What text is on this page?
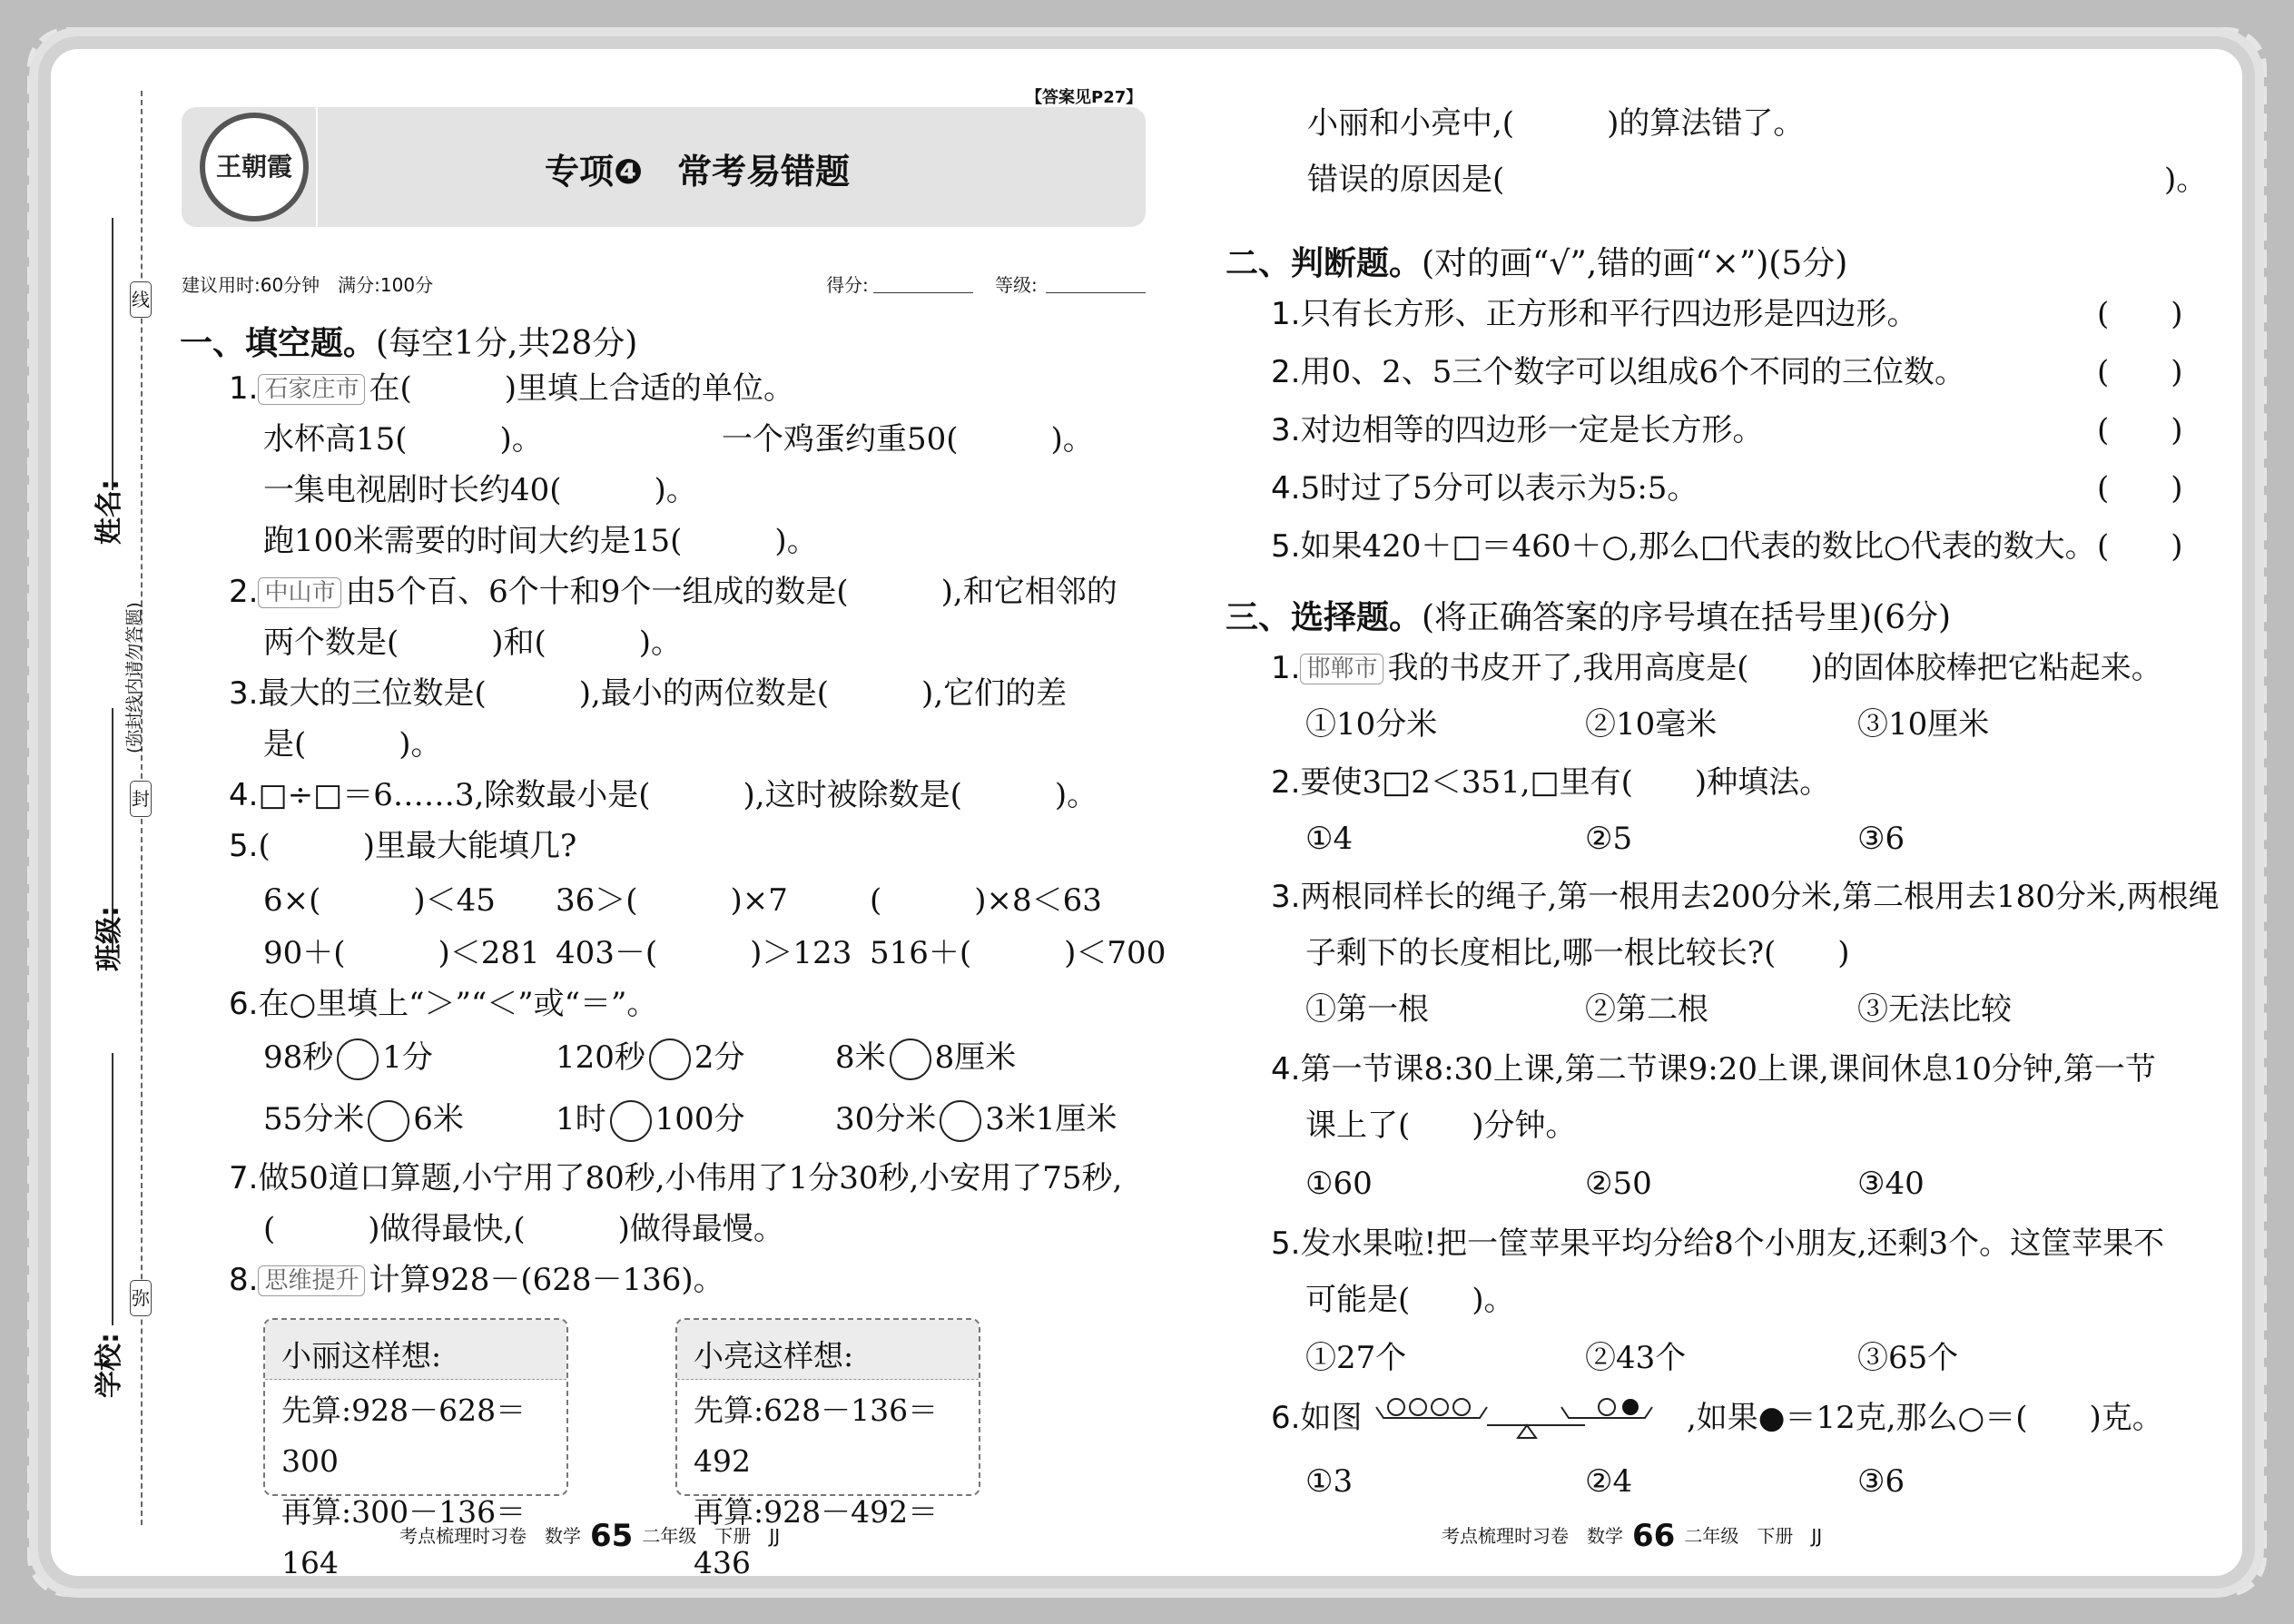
姓名:
班级:
学校:
(弥封线内请勿答题)
线
封
弥
【答案见P27】
王朝霞	专项❹　常考易错题
建议用时:60分钟　满分:100分	得分:	等级:
一、填空题。(每空1分,共28分)
1. 石家庄市 在(　　　)里填上合适的单位。
水杯高15(　　　)。	一个鸡蛋约重50(　　　)。
一集电视剧时长约40(　　　)。
跑100米需要的时间大约是15(　　　)。
2. 中山市 由5个百、6个十和9个一组成的数是(　　　),和它相邻的
两个数是(　　　)和(　　　)。
3.最大的三位数是(　　　),最小的两位数是(　　　),它们的差
是(　　　)。
4.□÷□＝6……3,除数最小是(　　　),这时被除数是(　　　)。
5.(　　　)里最大能填几?
6×(　　　)＜45 36＞(　　　)×7	(　　　)×8＜63
90＋(　　　)＜281 403－(　　　)＞123 516＋(　　　)＜700
6.在○里填上“＞”“＜”或“＝”。
98秒 1分	120秒 2分	8米 8厘米
55分米 6米	1时 100分	30分米 3米1厘米
7.做50道口算题,小宁用了80秒,小伟用了1分30秒,小安用了75秒,
(　　　)做得最快,(　　　)做得最慢。
8. 思维提升 计算928－(628－136)。
小丽这样想:
先算:928－628＝300
再算:300－136＝164
小亮这样想:
先算:628－136＝492
再算:928－492＝436
考点梳理时习卷　数学 65 二年级　下册　JJ
小丽和小亮中,(　　　)的算法错了。
错误的原因是(	)。
二、判断题。(对的画“√”,错的画“×”)(5分)
1.只有长方形、正方形和平行四边形是四边形。	(　　)
2.用0、2、5三个数字可以组成6个不同的三位数。	(　　)
3.对边相等的四边形一定是长方形。	(　　)
4.5时过了5分可以表示为5:5。	(　　)
5.如果420＋□＝460＋○,那么□代表的数比○代表的数大。 (　　)
三、选择题。(将正确答案的序号填在括号里)(6分)
1. 邯郸市 我的书皮开了,我用高度是(　　)的固体胶棒把它粘起来。
①10分米	②10毫米	③10厘米
2.要使3□2＜351,□里有(　　)种填法。
①4	②5	③6
3.两根同样长的绳子,第一根用去200分米,第二根用去180分米,两根绳
子剩下的长度相比,哪一根比较长?(　　)
①第一根	②第二根	③无法比较
4.第一节课8:30上课,第二节课9:20上课,课间休息10分钟,第一节
课上了(　　)分钟。
①60	②50	③40
5.发水果啦!把一筐苹果平均分给8个小朋友,还剩3个。这筐苹果不
可能是(　　)。
①27个	②43个	③65个
6.如图	,如果●＝12克,那么○＝(　　)克。
①3	②4	③6
考点梳理时习卷　数学 66 二年级　下册　JJ
